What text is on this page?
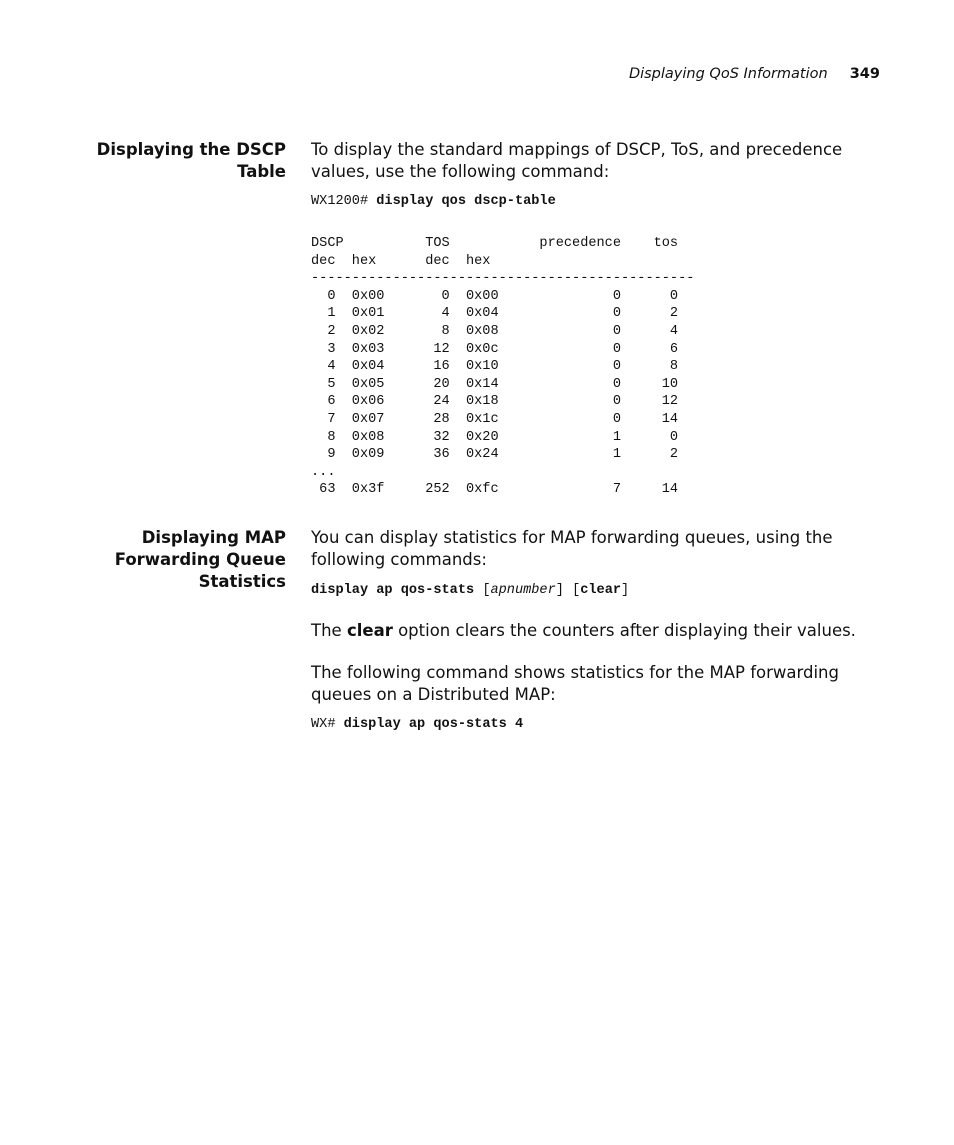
Displaying QoS Information 349
Displaying the DSCP
Table
To display the standard mappings of DSCP, ToS, and precedence values, use the following command:
WX1200# display qos dscp-table
DSCP          TOS           precedence    tos
dec  hex      dec  hex
-----------------------------------------------
0  0x00       0  0x00              0      0
1  0x01       4  0x04              0      2
2  0x02       8  0x08              0      4
3  0x03      12  0x0c              0      6
4  0x04      16  0x10              0      8
5  0x05      20  0x14              0     10
6  0x06      24  0x18              0     12
7  0x07      28  0x1c              0     14
8  0x08      32  0x20              1      0
9  0x09      36  0x24              1      2
...
63  0x3f     252  0xfc              7     14
Displaying MAP
Forwarding Queue
Statistics
You can display statistics for MAP forwarding queues, using the following commands:
display ap qos-stats [apnumber] [clear]
The clear option clears the counters after displaying their values.
The following command shows statistics for the MAP forwarding queues on a Distributed MAP:
WX# display ap qos-stats 4
